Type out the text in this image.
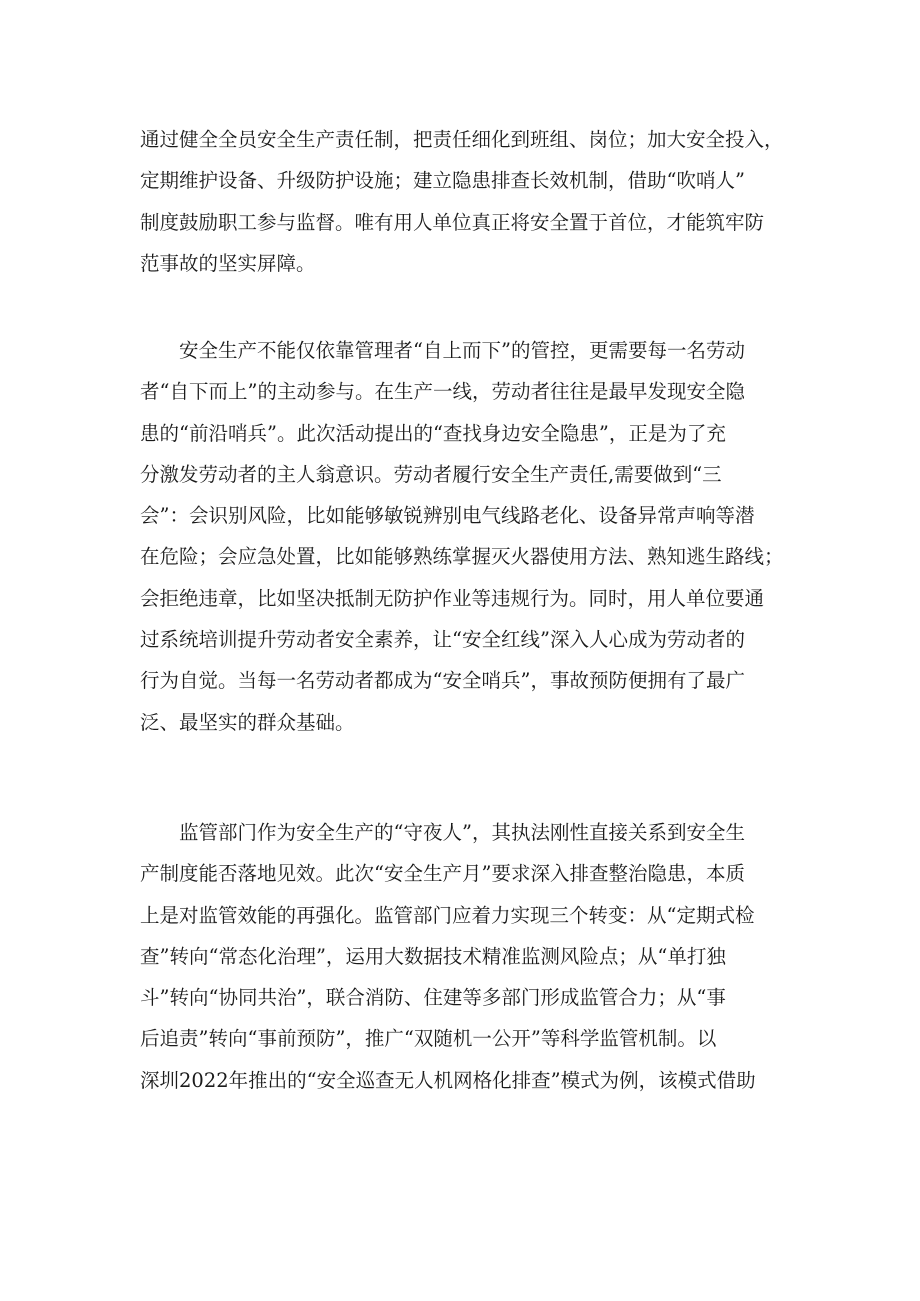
通过健全全员安全生产责任制，把责任细化到班组、岗位；加大安全投入，
定期维护设备、升级防护设施；建立隐患排查长效机制，借助“吹哨人”
制度鼓励职工参与监督。唯有用人单位真正将安全置于首位，才能筑牢防
范事故的坚实屏障。
　　安全生产不能仅依靠管理者“自上而下”的管控，更需要每一名劳动
者“自下而上”的主动参与。在生产一线，劳动者往往是最早发现安全隐
患的“前沿哨兵”。此次活动提出的“查找身边安全隐患”，正是为了充
分激发劳动者的主人翁意识。劳动者履行安全生产责任,需要做到“三
会”：会识别风险，比如能够敏锐辨别电气线路老化、设备异常声响等潜
在危险；会应急处置，比如能够熟练掌握灭火器使用方法、熟知逃生路线；
会拒绝违章，比如坚决抵制无防护作业等违规行为。同时，用人单位要通
过系统培训提升劳动者安全素养，让“安全红线”深入人心成为劳动者的
行为自觉。当每一名劳动者都成为“安全哨兵”，事故预防便拥有了最广
泛、最坚实的群众基础。
　　监管部门作为安全生产的“守夜人”，其执法刚性直接关系到安全生
产制度能否落地见效。此次“安全生产月”要求深入排查整治隐患，本质
上是对监管效能的再强化。监管部门应着力实现三个转变：从“定期式检
查”转向“常态化治理”，运用大数据技术精准监测风险点；从“单打独
斗”转向“协同共治”，联合消防、住建等多部门形成监管合力；从“事
后追责”转向“事前预防”，推广“双随机一公开”等科学监管机制。以
深圳2022年推出的“安全巡查无人机网格化排查”模式为例，该模式借助
